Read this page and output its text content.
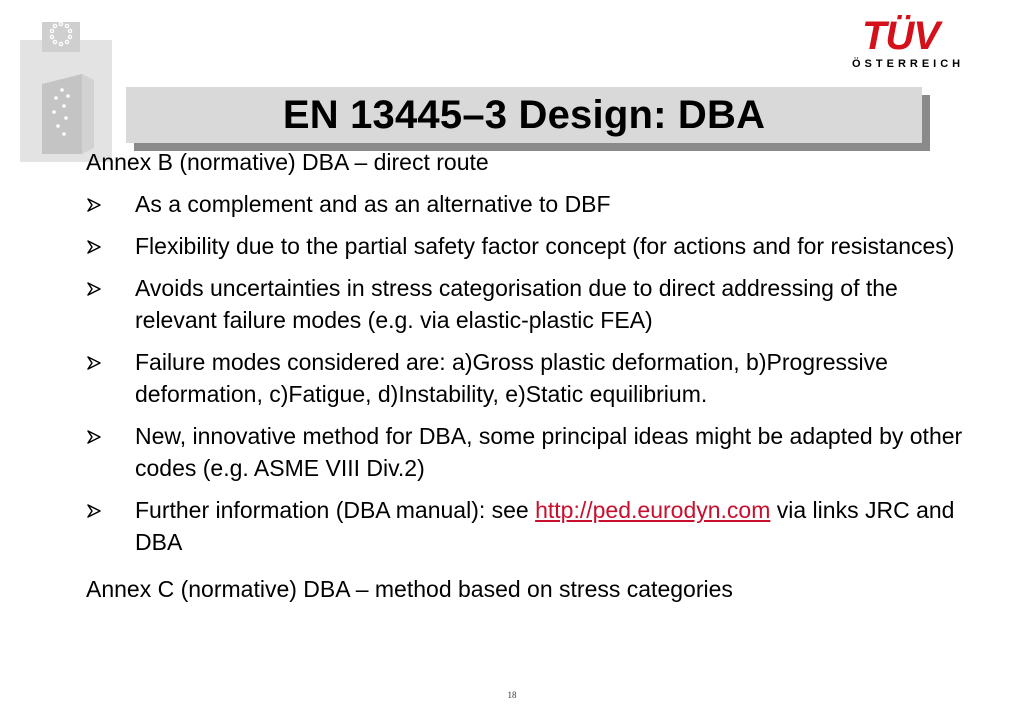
TÜV
ÖSTERREICH
EN 13445–3 Design: DBA

Annex B (normative) DBA – direct route

As a complement and as an alternative to DBF
Flexibility due to the partial safety factor concept (for actions and for resistances)
Avoids uncertainties in stress categorisation due to direct addressing of the relevant failure modes (e.g. via elastic-plastic FEA)
Failure modes considered are: a)Gross plastic deformation, b)Progressive deformation, c)Fatigue, d)Instability, e)Static equilibrium.
New, innovative method for DBA, some principal ideas might be adapted by other codes (e.g. ASME VIII Div.2)
Further information (DBA manual): see http://ped.eurodyn.com via links JRC and DBA

Annex C (normative) DBA – method based on stress categories

18
